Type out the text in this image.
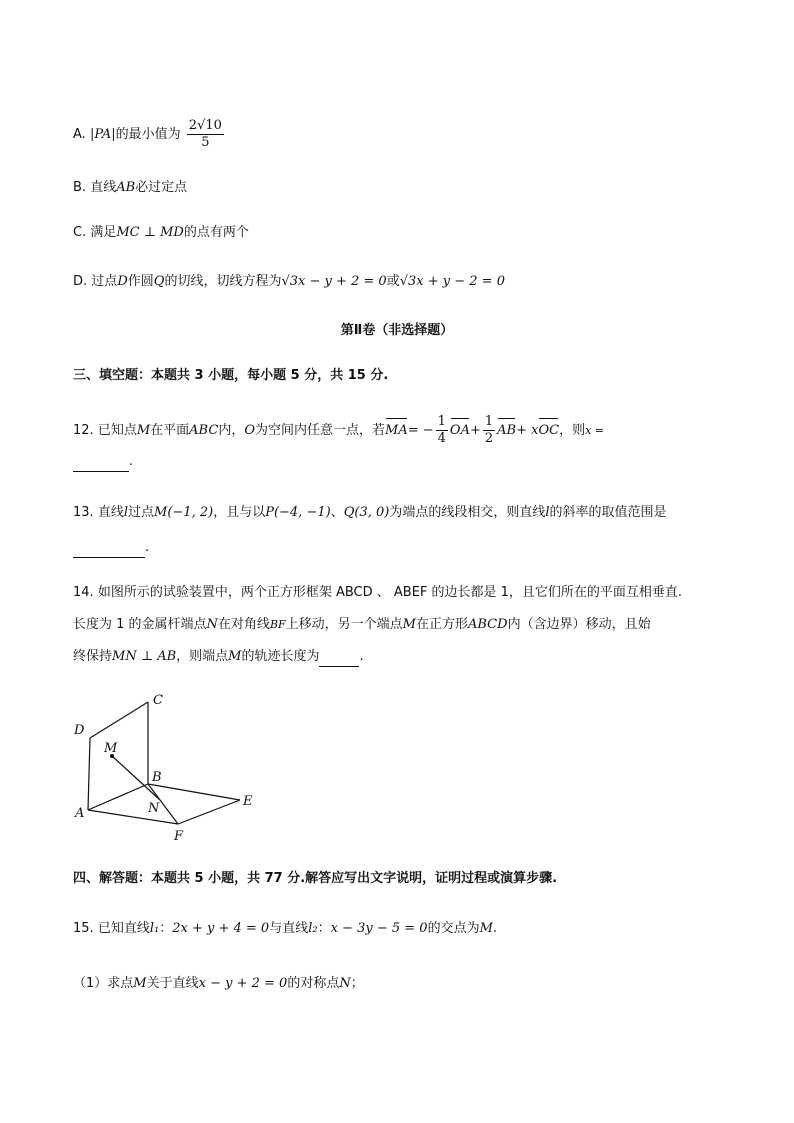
A. |PA|的最小值为 $\frac{2√10}{5}$
B. 直线AB必过定点
C. 满足MC ⊥ MD的点有两个
D. 过点D作圆Q的切线，切线方程为√3x − y + 2 = 0或√3x + y − 2 = 0
第Ⅱ卷（非选择题）
三、填空题：本题共 3 小题，每小题 5 分，共 15 分.
12. 已知点M在平面ABC内，O为空间内任意一点，若$MA= - \frac{1}{4} OA+ \frac{1}{2} AB+$ xOC，则x =
.
13. 直线l过点M(−1, 2)，且与以P(−4, −1)、Q(3, 0)为端点的线段相交，则直线l的斜率的取值范围是
.
14. 如图所示的试验装置中，两个正方形框架 ABCD 、 ABEF 的边长都是 1，且它们所在的平面互相垂直.
长度为 1 的金属杆端点N在对角线BF上移动，另一个端点M在正方形ABCD内（含边界）移动，且始
终保持MN ⊥ AB，则端点M的轨迹长度为	.
C
D
M
B
N	E
A
F
四、解答题：本题共 5 小题，共 77 分.解答应写出文字说明，证明过程或演算步骤.
15. 已知直线l₁：2x + y + 4 = 0与直线l₂：x − 3y − 5 = 0的交点为M.
（1）求点M关于直线x − y + 2 = 0的对称点N；
